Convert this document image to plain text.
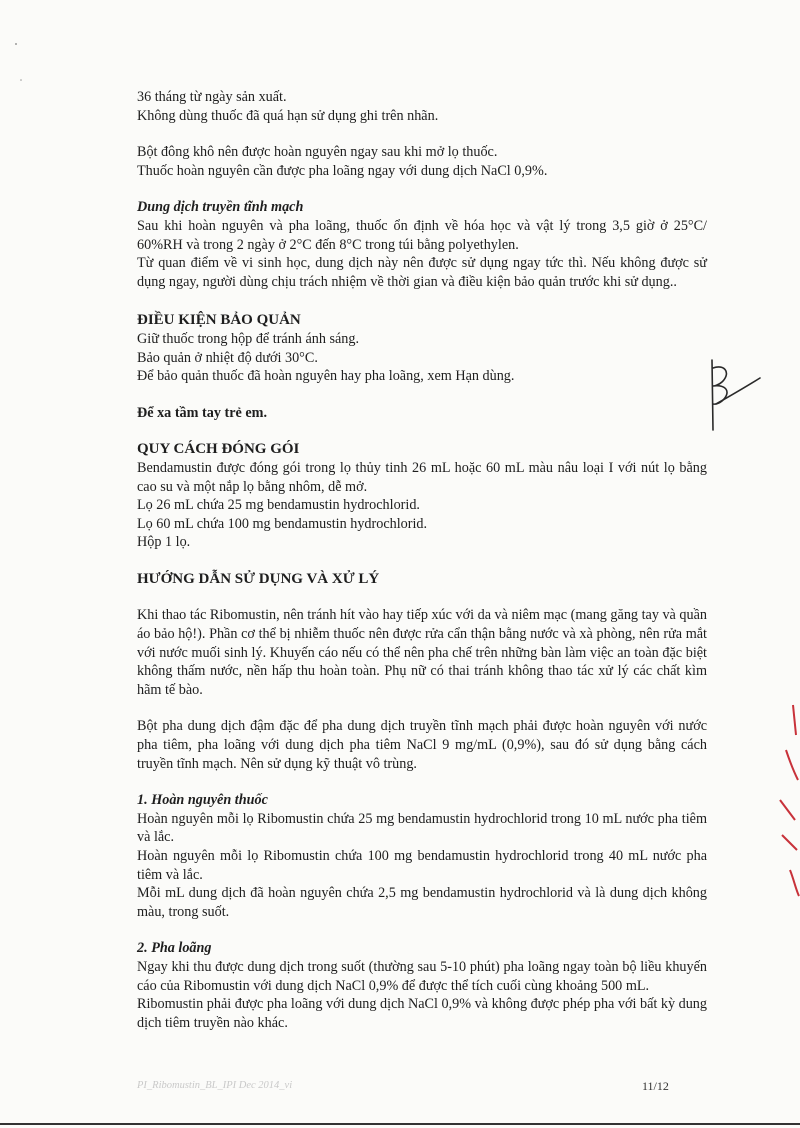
36 tháng từ ngày sản xuất.

Không dùng thuốc đã quá hạn sử dụng ghi trên nhãn.

Bột đông khô nên được hoàn nguyên ngay sau khi mở lọ thuốc.

Thuốc hoàn nguyên cần được pha loãng ngay với dung dịch NaCl 0,9%.

Dung dịch truyền tĩnh mạch

Sau khi hoàn nguyên và pha loãng, thuốc ổn định về hóa học và vật lý trong 3,5 giờ ở 25°C/ 60%RH và trong 2 ngày ở 2°C đến 8°C trong túi bằng polyethylen.

Từ quan điểm về vi sinh học, dung dịch này nên được sử dụng ngay tức thì. Nếu không được sử dụng ngay, người dùng chịu trách nhiệm về thời gian và điều kiện bảo quản trước khi sử dụng..

ĐIỀU KIỆN BẢO QUẢN

Giữ thuốc trong hộp để tránh ánh sáng.

Bảo quản ở nhiệt độ dưới 30°C.

Để bảo quản thuốc đã hoàn nguyên hay pha loãng, xem Hạn dùng.

Để xa tầm tay trẻ em.

QUY CÁCH ĐÓNG GÓI

Bendamustin được đóng gói trong lọ thủy tinh 26 mL hoặc 60 mL màu nâu loại I với nút lọ bằng cao su và một nắp lọ bằng nhôm, dễ mở.

Lọ 26 mL chứa 25 mg bendamustin hydrochlorid.

Lọ 60 mL chứa 100 mg bendamustin hydrochlorid.

Hộp 1 lọ.

HƯỚNG DẪN SỬ DỤNG VÀ XỬ LÝ

Khi thao tác Ribomustin, nên tránh hít vào hay tiếp xúc với da và niêm mạc (mang găng tay và quần áo bảo hộ!). Phần cơ thể bị nhiễm thuốc nên được rửa cẩn thận bằng nước và xà phòng, nên rửa mắt với nước muối sinh lý. Khuyến cáo nếu có thể nên pha chế trên những bàn làm việc an toàn đặc biệt không thấm nước, nền hấp thu hoàn toàn. Phụ nữ có thai tránh không thao tác xử lý các chất kìm hãm tế bào.

Bột pha dung dịch đậm đặc để pha dung dịch truyền tĩnh mạch phải được hoàn nguyên với nước pha tiêm, pha loãng với dung dịch pha tiêm NaCl 9 mg/mL (0,9%), sau đó sử dụng bằng cách truyền tĩnh mạch. Nên sử dụng kỹ thuật vô trùng.

1. Hoàn nguyên thuốc

Hoàn nguyên mỗi lọ Ribomustin chứa 25 mg bendamustin hydrochlorid trong 10 mL nước pha tiêm và lắc.

Hoàn nguyên mỗi lọ Ribomustin chứa 100 mg bendamustin hydrochlorid trong 40 mL nước pha tiêm và lắc.

Mỗi mL dung dịch đã hoàn nguyên chứa 2,5 mg bendamustin hydrochlorid và là dung dịch không màu, trong suốt.

2. Pha loãng

Ngay khi thu được dung dịch trong suốt (thường sau 5-10 phút) pha loãng ngay toàn bộ liều khuyến cáo của Ribomustin với dung dịch NaCl 0,9% để được thể tích cuối cùng khoảng 500 mL.

Ribomustin phải được pha loãng với dung dịch NaCl 0,9% và không được phép pha với bất kỳ dung dịch tiêm truyền nào khác.

PI_Ribomustin_BL_IPI Dec 2014_vi	11/12
